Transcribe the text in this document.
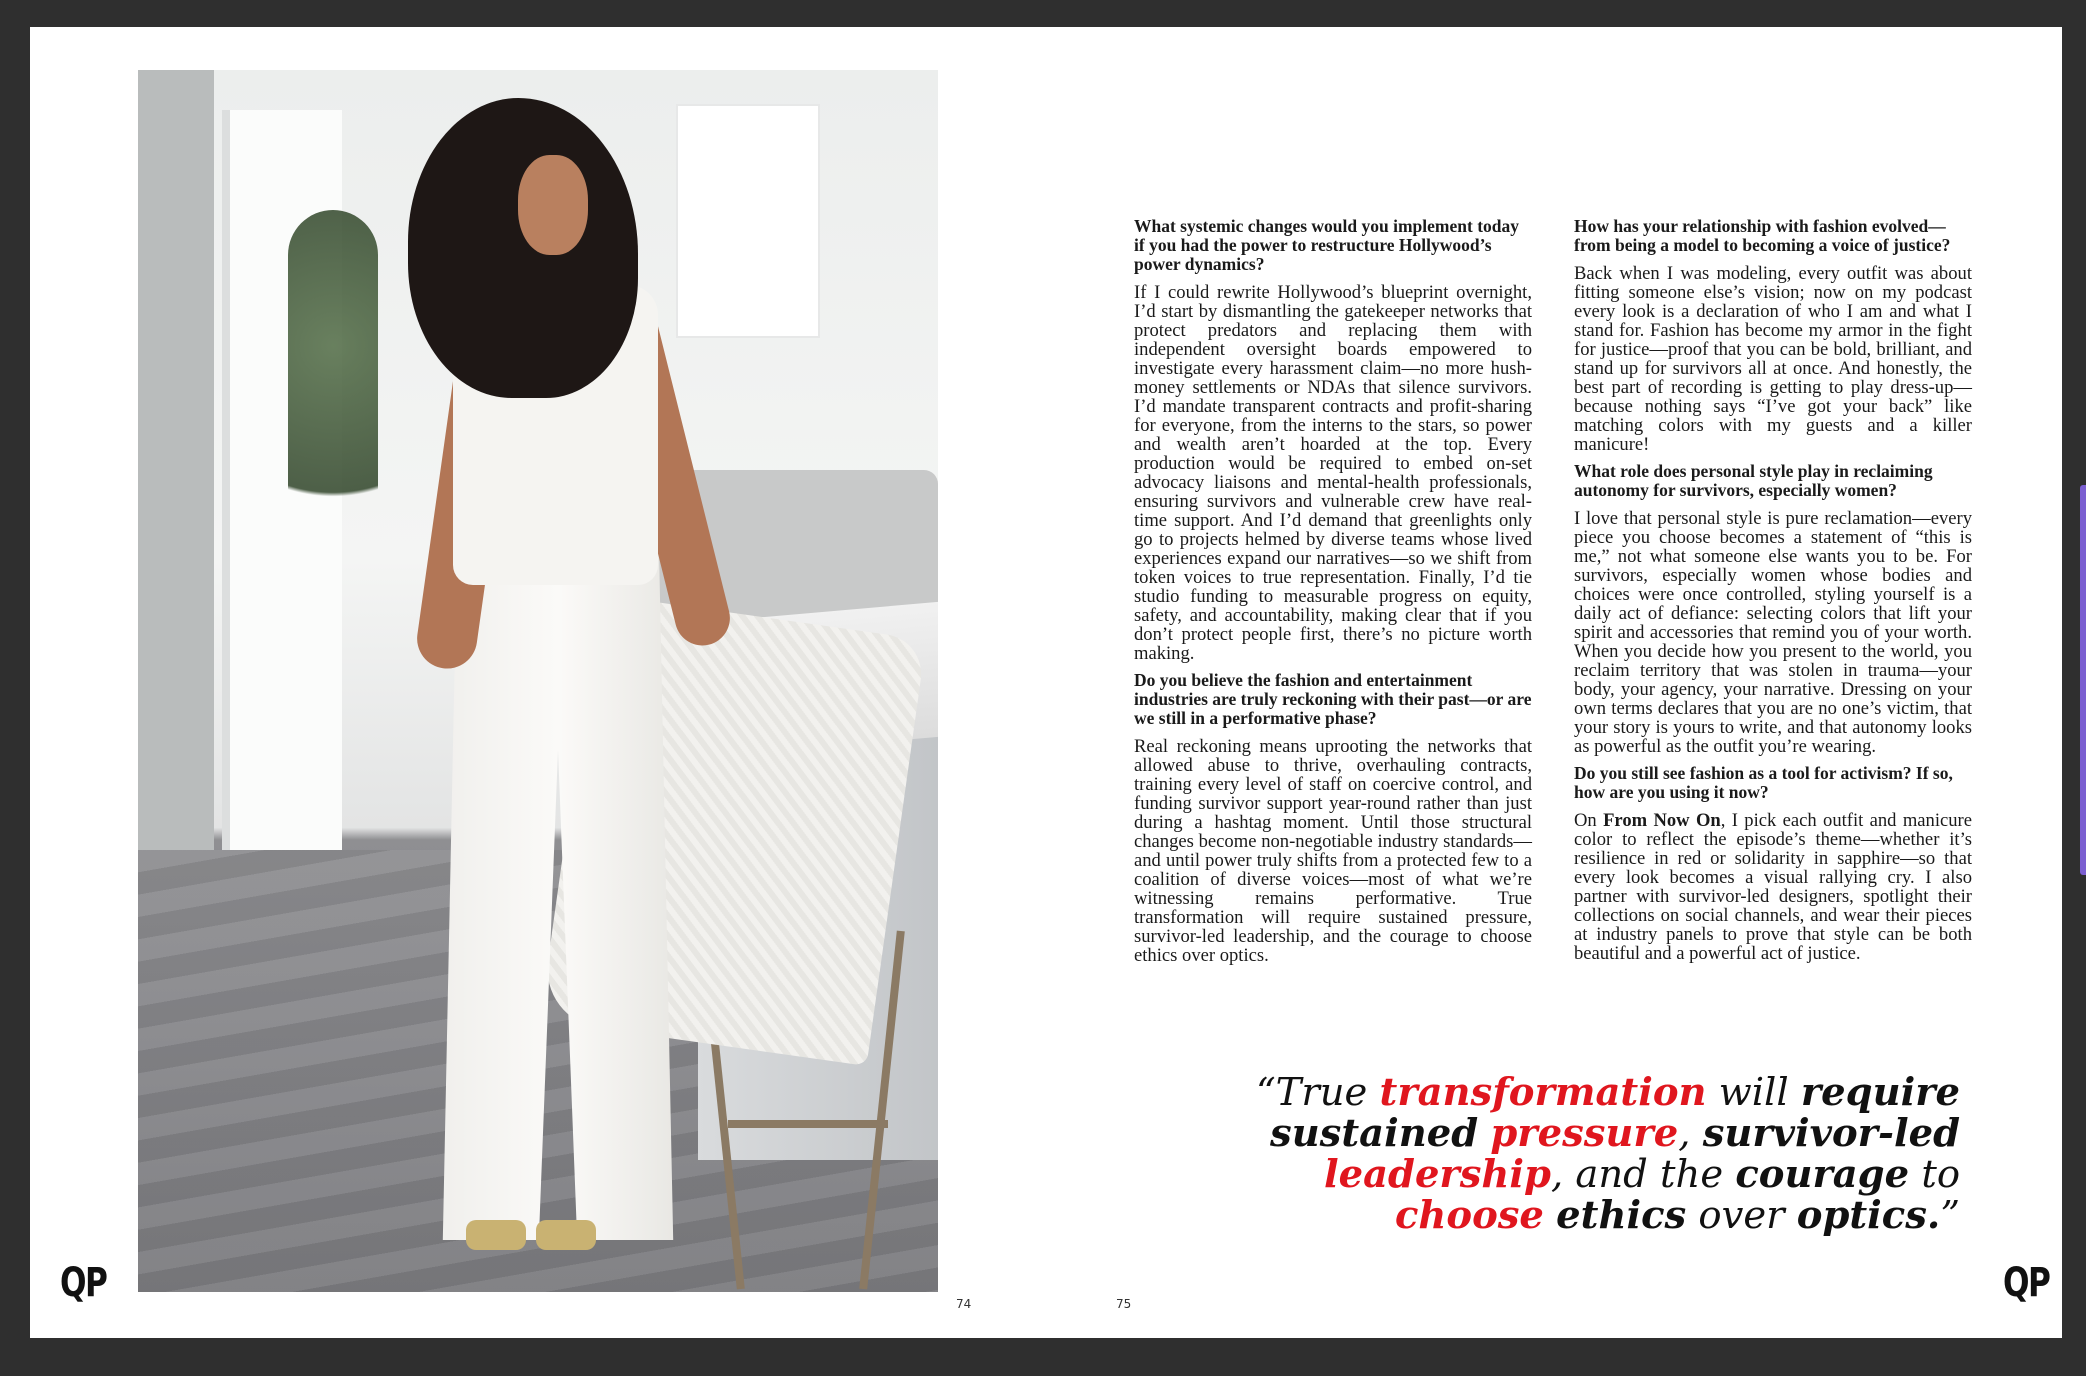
QP	QP
74	75
What systemic changes would you implement today if you had the power to restructure Hollywood’s power dynamics?

If I could rewrite Hollywood’s blueprint overnight, I’d start by dismantling the gatekeeper networks that protect predators and replacing them with independent oversight boards empowered to investigate every harassment claim—no more hush-money settlements or NDAs that silence survivors. I’d mandate transparent contracts and profit-sharing for everyone, from the interns to the stars, so power and wealth aren’t hoarded at the top. Every production would be required to embed on-set advocacy liaisons and mental-health professionals, ensuring survivors and vulnerable crew have real-time support. And I’d demand that greenlights only go to projects helmed by diverse teams whose lived experiences expand our narratives—so we shift from token voices to true representation. Finally, I’d tie studio funding to measurable progress on equity, safety, and accountability, making clear that if you don’t protect people first, there’s no picture worth making.

Do you believe the fashion and entertainment industries are truly reckoning with their past—or are we still in a performative phase?

Real reckoning means uprooting the networks that allowed abuse to thrive, overhauling contracts, training every level of staff on coercive control, and funding survivor support year-round rather than just during a hashtag moment. Until those structural changes become non-negotiable industry standards—and until power truly shifts from a protected few to a coalition of diverse voices—most of what we’re witnessing remains performative. True transformation will require sustained pressure, survivor-led leadership, and the courage to choose ethics over optics.

How has your relationship with fashion evolved—from being a model to becoming a voice of justice?

Back when I was modeling, every outfit was about fitting someone else’s vision; now on my podcast every look is a declaration of who I am and what I stand for. Fashion has become my armor in the fight for justice—proof that you can be bold, brilliant, and stand up for survivors all at once. And honestly, the best part of recording is getting to play dress-up—because nothing says “I’ve got your back” like matching colors with my guests and a killer manicure!

What role does personal style play in reclaiming autonomy for survivors, especially women?

I love that personal style is pure reclamation—every piece you choose becomes a statement of “this is me,” not what someone else wants you to be. For survivors, especially women whose bodies and choices were once controlled, styling yourself is a daily act of defiance: selecting colors that lift your spirit and accessories that remind you of your worth. When you decide how you present to the world, you reclaim territory that was stolen in trauma—your body, your agency, your narrative. Dressing on your own terms declares that you are no one’s victim, that your story is yours to write, and that autonomy looks as powerful as the outfit you’re wearing.

Do you still see fashion as a tool for activism? If so, how are you using it now?

On From Now On, I pick each outfit and manicure color to reflect the episode’s theme—whether it’s resilience in red or solidarity in sapphire—so that every look becomes a visual rallying cry. I also partner with survivor-led designers, spotlight their collections on social channels, and wear their pieces at industry panels to prove that style can be both beautiful and a powerful act of justice.

“True transformation will require sustained pressure, survivor-led leadership, and the courage to choose ethics over optics.”
